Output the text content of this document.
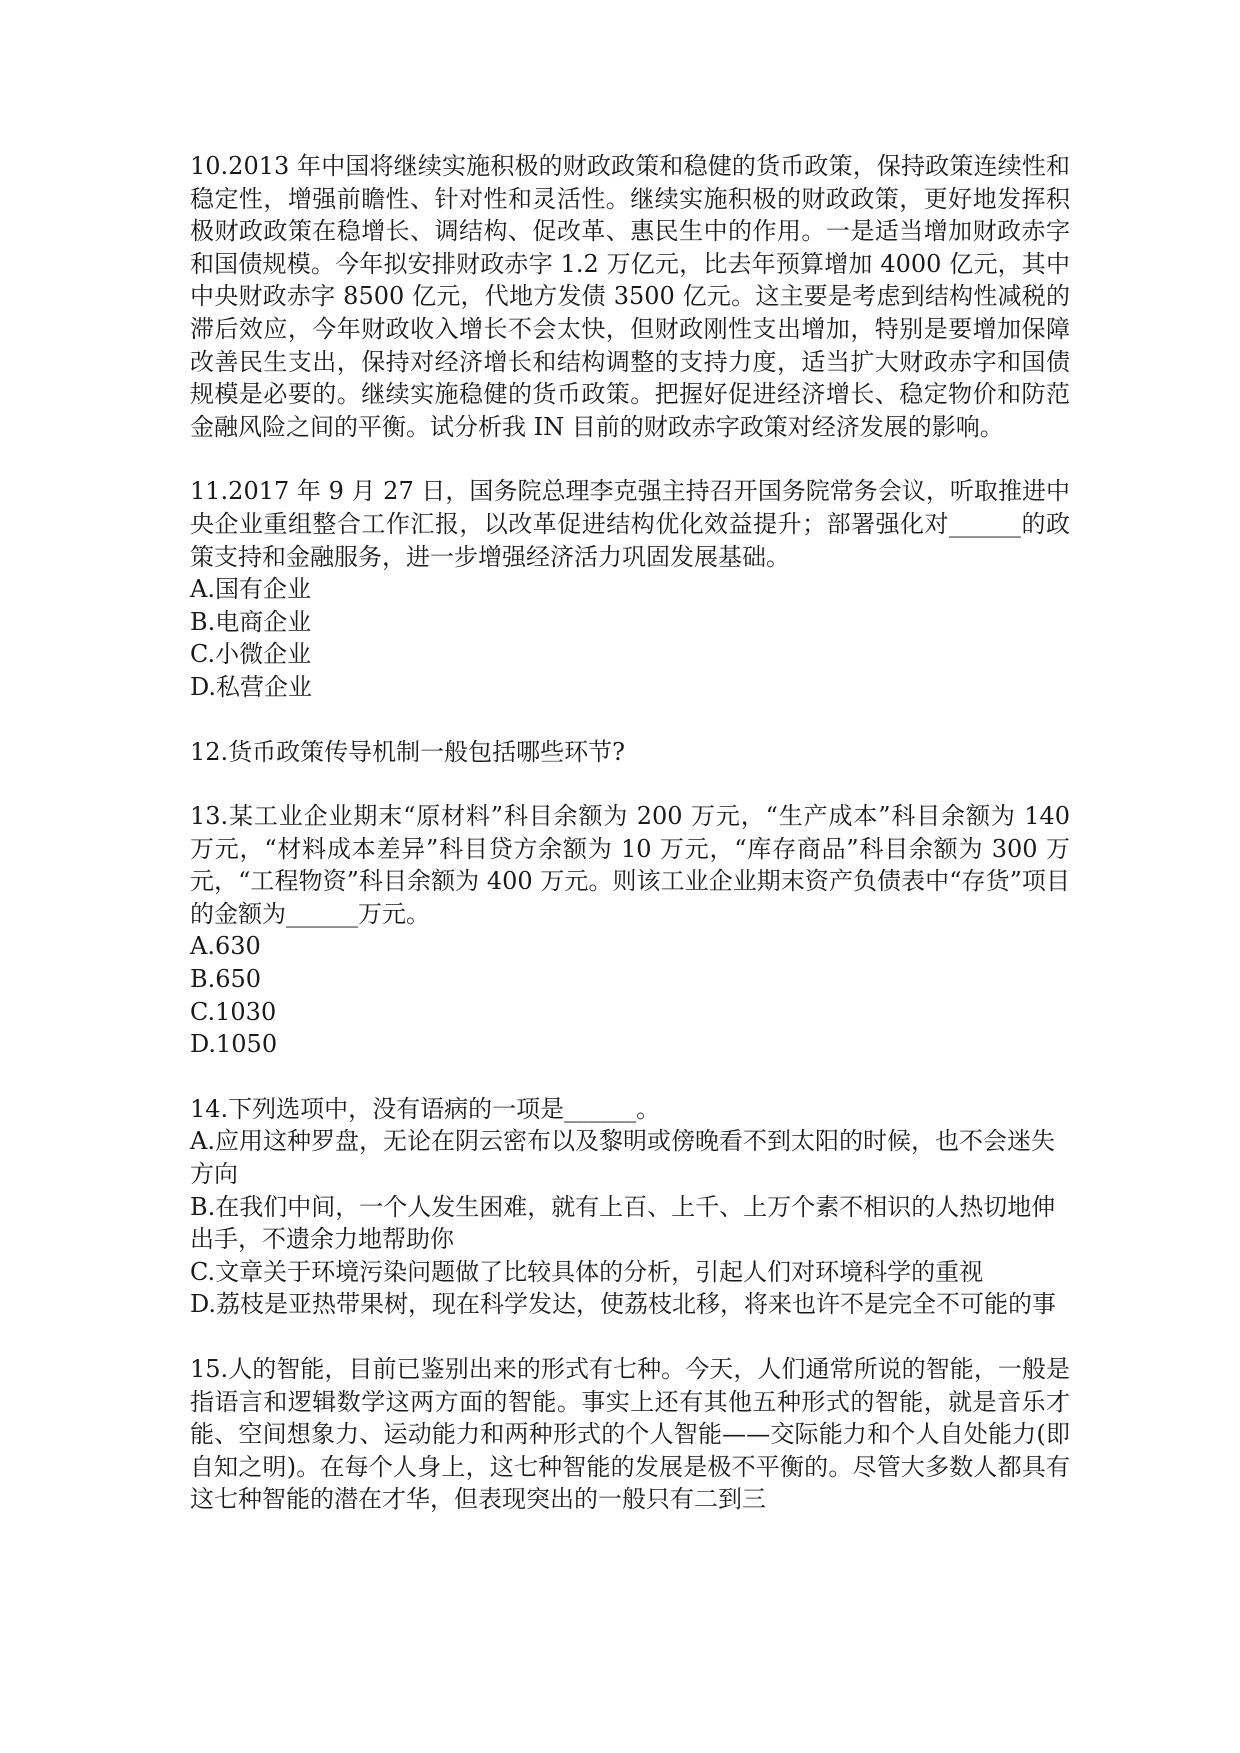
10.2013 年中国将继续实施积极的财政政策和稳健的货币政策，保持政策连续性和稳定性，增强前瞻性、针对性和灵活性。继续实施积极的财政政策，更好地发挥积极财政政策在稳增长、调结构、促改革、惠民生中的作用。一是适当增加财政赤字和国债规模。今年拟安排财政赤字 1.2 万亿元，比去年预算增加 4000 亿元，其中中央财政赤字 8500 亿元，代地方发债 3500 亿元。这主要是考虑到结构性减税的滞后效应，今年财政收入增长不会太快，但财政刚性支出增加，特别是要增加保障改善民生支出，保持对经济增长和结构调整的支持力度，适当扩大财政赤字和国债规模是必要的。继续实施稳健的货币政策。把握好促进经济增长、稳定物价和防范金融风险之间的平衡。试分析我 IN 目前的财政赤字政策对经济发展的影响。

11.2017 年 9 月 27 日，国务院总理李克强主持召开国务院常务会议，听取推进中央企业重组整合工作汇报，以改革促进结构优化效益提升；部署强化对______的政策支持和金融服务，进一步增强经济活力巩固发展基础。

A.国有企业
B.电商企业
C.小微企业
D.私营企业

12.货币政策传导机制一般包括哪些环节?

13.某工业企业期末“原材料”科目余额为 200 万元，“生产成本”科目余额为 140 万元，“材料成本差异”科目贷方余额为 10 万元，“库存商品”科目余额为 300 万元，“工程物资”科目余额为 400 万元。则该工业企业期末资产负债表中“存货”项目的金额为______万元。

A.630
B.650
C.1030
D.1050

14.下列选项中，没有语病的一项是______。

A.应用这种罗盘，无论在阴云密布以及黎明或傍晚看不到太阳的时候，也不会迷失方向
B.在我们中间，一个人发生困难，就有上百、上千、上万个素不相识的人热切地伸出手，不遗余力地帮助你
C.文章关于环境污染问题做了比较具体的分析，引起人们对环境科学的重视
D.荔枝是亚热带果树，现在科学发达，使荔枝北移，将来也许不是完全不可能的事

15.人的智能，目前已鉴别出来的形式有七种。今天，人们通常所说的智能，一般是指语言和逻辑数学这两方面的智能。事实上还有其他五种形式的智能，就是音乐才能、空间想象力、运动能力和两种形式的个人智能——交际能力和个人自处能力(即自知之明)。在每个人身上，这七种智能的发展是极不平衡的。尽管大多数人都具有这七种智能的潜在才华，但表现突出的一般只有二到三
